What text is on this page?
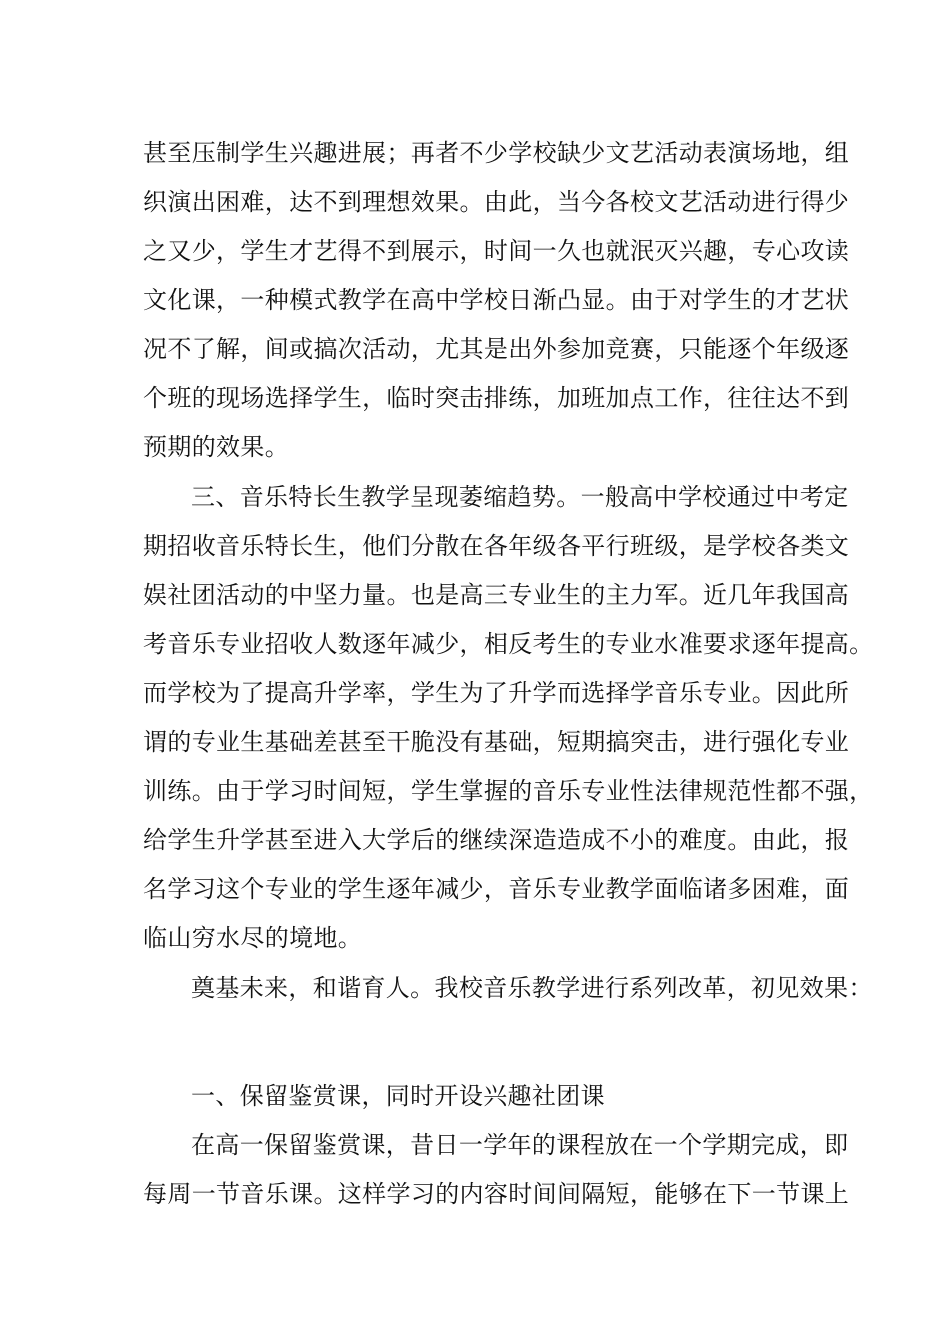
甚至压制学生兴趣进展；再者不少学校缺少文艺活动表演场地，组
织演出困难，达不到理想效果。由此，当今各校文艺活动进行得少
之又少，学生才艺得不到展示，时间一久也就泯灭兴趣，专心攻读
文化课，一种模式教学在高中学校日渐凸显。由于对学生的才艺状
况不了解，间或搞次活动，尤其是出外参加竞赛，只能逐个年级逐
个班的现场选择学生，临时突击排练，加班加点工作，往往达不到
预期的效果。
三、音乐特长生教学呈现萎缩趋势。一般高中学校通过中考定
期招收音乐特长生，他们分散在各年级各平行班级，是学校各类文
娱社团活动的中坚力量。也是高三专业生的主力军。近几年我国高
考音乐专业招收人数逐年减少，相反考生的专业水准要求逐年提高。
而学校为了提高升学率，学生为了升学而选择学音乐专业。因此所
谓的专业生基础差甚至干脆没有基础，短期搞突击，进行强化专业
训练。由于学习时间短，学生掌握的音乐专业性法律规范性都不强，
给学生升学甚至进入大学后的继续深造造成不小的难度。由此，报
名学习这个专业的学生逐年减少，音乐专业教学面临诸多困难，面
临山穷水尽的境地。
奠基未来，和谐育人。我校音乐教学进行系列改革，初见效果：
一、保留鉴赏课，同时开设兴趣社团课
在高一保留鉴赏课，昔日一学年的课程放在一个学期完成，即
每周一节音乐课。这样学习的内容时间间隔短，能够在下一节课上
